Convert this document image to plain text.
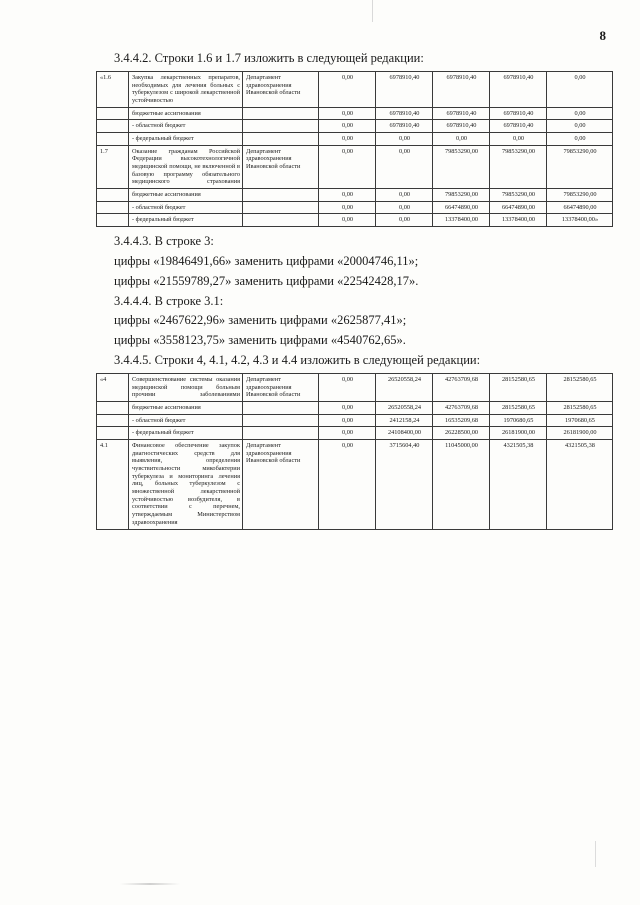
8
3.4.4.2. Строки 1.6 и 1.7 изложить в следующей редакции:
«1.6	Закупка лекарственных препаратов, необходимых для лечения больных с туберкулезом с широкой лекарственной устойчивостью	Департамент здравоохранения Ивановской области	0,00	6978910,40	6978910,40	6978910,40	0,00
	бюджетные ассигнования		0,00	6978910,40	6978910,40	6978910,40	0,00
	- областной бюджет		0,00	6978910,40	6978910,40	6978910,40	0,00
	- федеральный бюджет		0,00	0,00	0,00	0,00	0,00
1.7	Оказание гражданам Российской Федерации высокотехнологичной медицинской помощи, не включенной в базовую программу обязательного медицинского страхования	Департамент здравоохранения Ивановской области	0,00	0,00	79853290,00	79853290,00	79853290,00
	бюджетные ассигнования		0,00	0,00	79853290,00	79853290,00	79853290,00
	- областной бюджет		0,00	0,00	66474890,00	66474890,00	66474890,00
	- федеральный бюджет		0,00	0,00	13378400,00	13378400,00	13378400,00»
3.4.4.3. В строке 3:
цифры «19846491,66» заменить цифрами «20004746,11»;
цифры «21559789,27» заменить цифрами «22542428,17».
3.4.4.4. В строке 3.1:
цифры «2467622,96» заменить цифрами «2625877,41»;
цифры «3558123,75» заменить цифрами «4540762,65».
3.4.4.5. Строки 4, 4.1, 4.2, 4.3 и 4.4 изложить в следующей редакции:
«4	Совершенствование системы оказания медицинской помощи больным прочими заболеваниями	Департамент здравоохранения Ивановской области	0,00	26520558,24	42763709,68	28152580,65	28152580,65
	бюджетные ассигнования		0,00	26520558,24	42763709,68	28152580,65	28152580,65
	- областной бюджет		0,00	2412158,24	16535209,68	1970680,65	1970680,65
	- федеральный бюджет		0,00	24108400,00	26228500,00	26181900,00	26181900,00
4.1	Финансовое обеспечение закупок диагностических средств для выявления, определения чувствительности микобактерии туберкулеза и мониторинга лечения лиц, больных туберкулезом с множественной лекарственной устойчивостью возбудителя, в соответствии с перечнем, утверждаемым Министерством здравоохранения	Департамент здравоохранения Ивановской области	0,00	3715604,40	11045000,00	4321505,38	4321505,38
